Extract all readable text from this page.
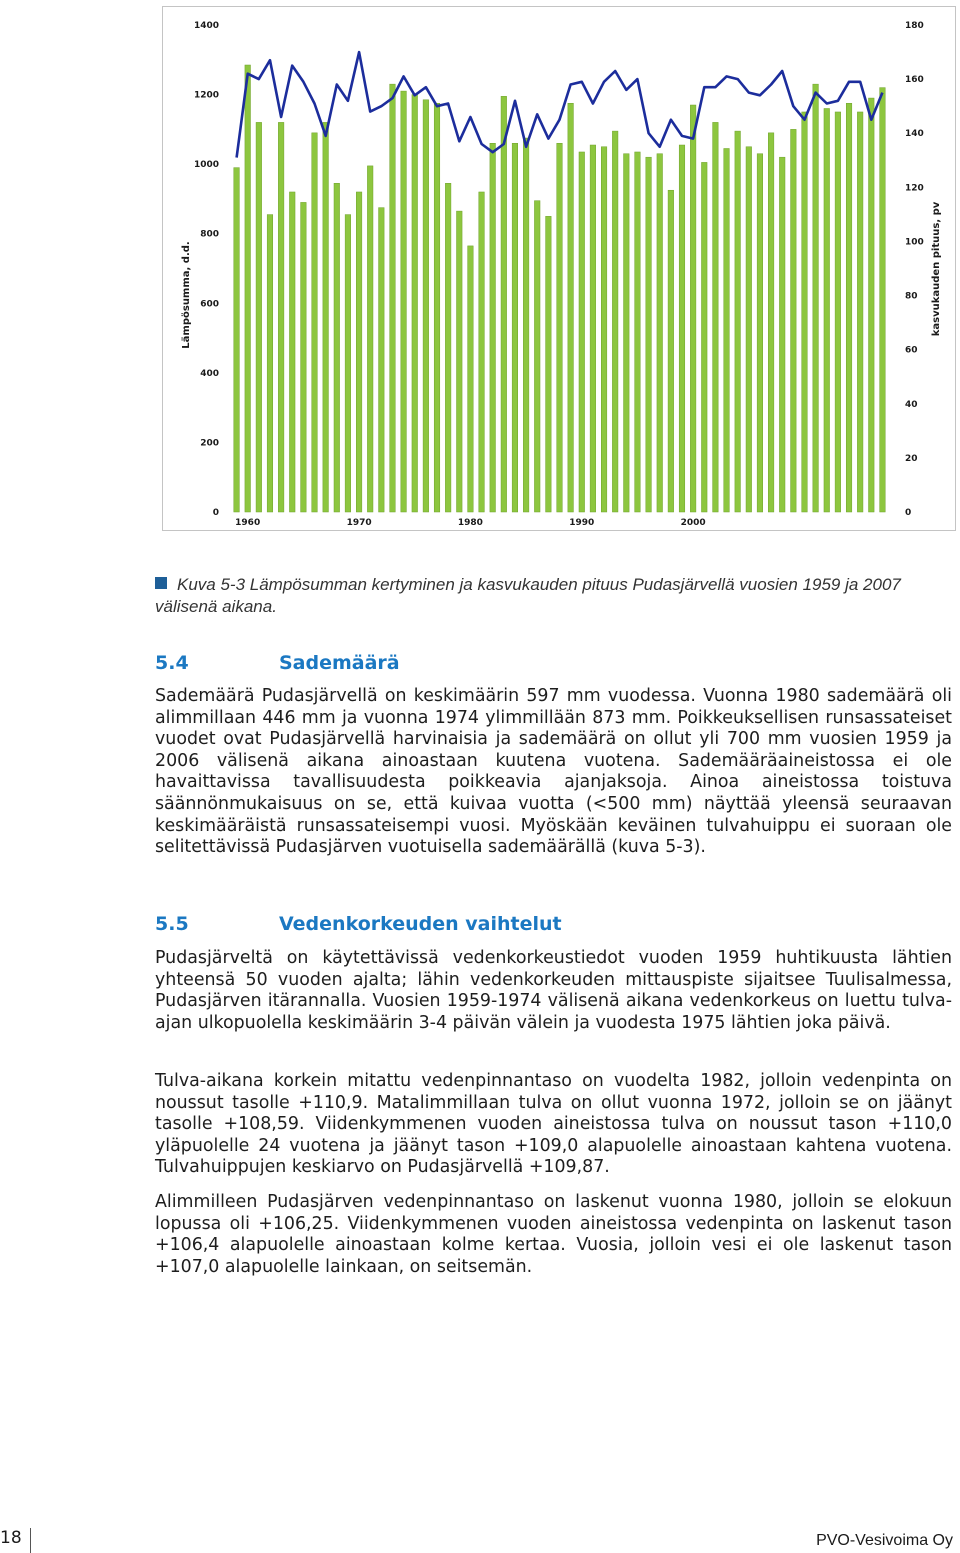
0
200
400
600
800
1000
1200
1400
0
20
40
60
80
100
120
140
160
180
1960	1970	1980	1990	2000
Lämpösumma, d.d.	kasvukauden pituus, pv
Kuva 5-3 Lämpösumman kertyminen ja kasvukauden pituus Pudasjärvellä vuosien 1959 ja 2007 välisenä aikana.
5.4	Sademäärä

Sademäärä Pudasjärvellä on keskimäärin 597 mm vuodessa. Vuonna 1980 sademäärä oli alimmillaan 446 mm ja vuonna 1974 ylimmillään 873 mm. Poikkeuksellisen runsassateiset vuodet ovat Pudasjärvellä harvinaisia ja sademäärä on ollut yli 700 mm vuosien 1959 ja 2006 välisenä aikana ainoastaan kuutena vuotena. Sademääräaineistossa ei ole havaittavissa tavallisuudesta poikkeavia ajanjaksoja. Ainoa aineistossa toistuva säännönmukaisuus on se, että kuivaa vuotta (<500 mm) näyttää yleensä seuraavan keskimääräistä runsassateisempi vuosi. Myöskään keväinen tulvahuippu ei suoraan ole selitettävissä Pudasjärven vuotuisella sademäärällä (kuva 5-3).

5.5	Vedenkorkeuden vaihtelut

Pudasjärveltä on käytettävissä vedenkorkeustiedot vuoden 1959 huhtikuusta lähtien yhteensä 50 vuoden ajalta; lähin vedenkorkeuden mittauspiste sijaitsee Tuulisalmessa, Pudasjärven itärannalla. Vuosien 1959-1974 välisenä aikana vedenkorkeus on luettu tulva-ajan ulkopuolella keskimäärin 3-4 päivän välein ja vuodesta 1975 lähtien joka päivä.

Tulva-aikana korkein mitattu vedenpinnantaso on vuodelta 1982, jolloin vedenpinta on noussut tasolle +110,9. Matalimmillaan tulva on ollut vuonna 1972, jolloin se on jäänyt tasolle +108,59. Viidenkymmenen vuoden aineistossa tulva on noussut tason +110,0 yläpuolelle 24 vuotena ja jäänyt tason +109,0 alapuolelle ainoastaan kahtena vuotena. Tulvahuippujen keskiarvo on Pudasjärvellä +109,87.

Alimmilleen Pudasjärven vedenpinnantaso on laskenut vuonna 1980, jolloin se elokuun lopussa oli +106,25. Viidenkymmenen vuoden aineistossa vedenpinta on laskenut tason +106,4 alapuolelle ainoastaan kolme kertaa. Vuosia, jolloin vesi ei ole laskenut tason +107,0 alapuolelle lainkaan, on seitsemän.

18	PVO-Vesivoima Oy
